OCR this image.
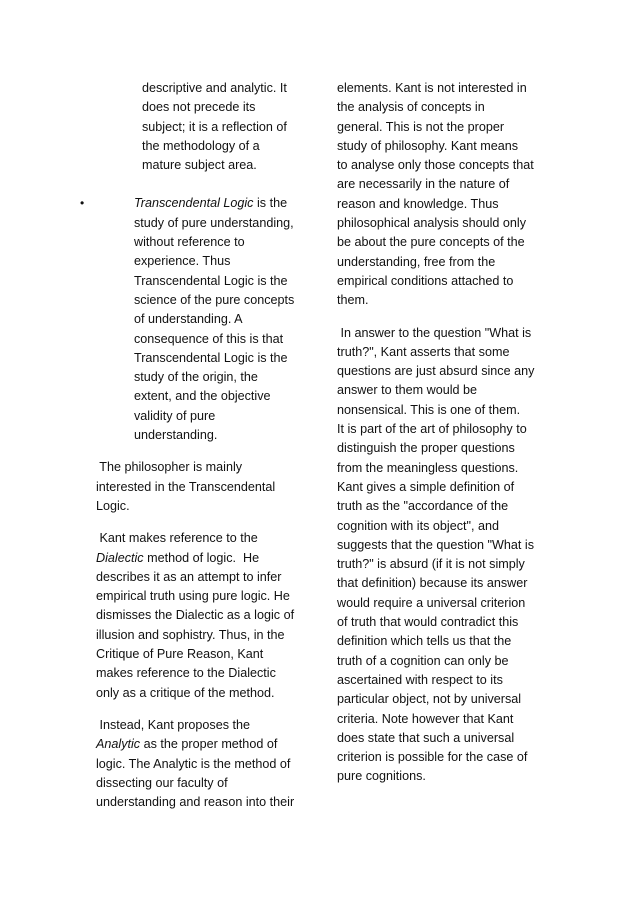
descriptive and analytic. It
does not precede its
subject; it is a reflection of
the methodology of a
mature subject area.
•	Transcendental Logic is the
study of pure understanding,
without reference to
experience. Thus
Transcendental Logic is the
science of the pure concepts
of understanding. A
consequence of this is that
Transcendental Logic is the
study of the origin, the
extent, and the objective
validity of pure
understanding.
The philosopher is mainly
interested in the Transcendental
Logic.
Kant makes reference to the
Dialectic method of logic.  He
describes it as an attempt to infer
empirical truth using pure logic. He
dismisses the Dialectic as a logic of
illusion and sophistry. Thus, in the
Critique of Pure Reason, Kant
makes reference to the Dialectic
only as a critique of the method.
Instead, Kant proposes the
Analytic as the proper method of
logic. The Analytic is the method of
dissecting our faculty of
understanding and reason into their
elements. Kant is not interested in
the analysis of concepts in
general. This is not the proper
study of philosophy. Kant means
to analyse only those concepts that
are necessarily in the nature of
reason and knowledge. Thus
philosophical analysis should only
be about the pure concepts of the
understanding, free from the
empirical conditions attached to
them.
In answer to the question "What is
truth?", Kant asserts that some
questions are just absurd since any
answer to them would be
nonsensical. This is one of them.
It is part of the art of philosophy to
distinguish the proper questions
from the meaningless questions.
Kant gives a simple definition of
truth as the "accordance of the
cognition with its object", and
suggests that the question "What is
truth?" is absurd (if it is not simply
that definition) because its answer
would require a universal criterion
of truth that would contradict this
definition which tells us that the
truth of a cognition can only be
ascertained with respect to its
particular object, not by universal
criteria. Note however that Kant
does state that such a universal
criterion is possible for the case of
pure cognitions.
